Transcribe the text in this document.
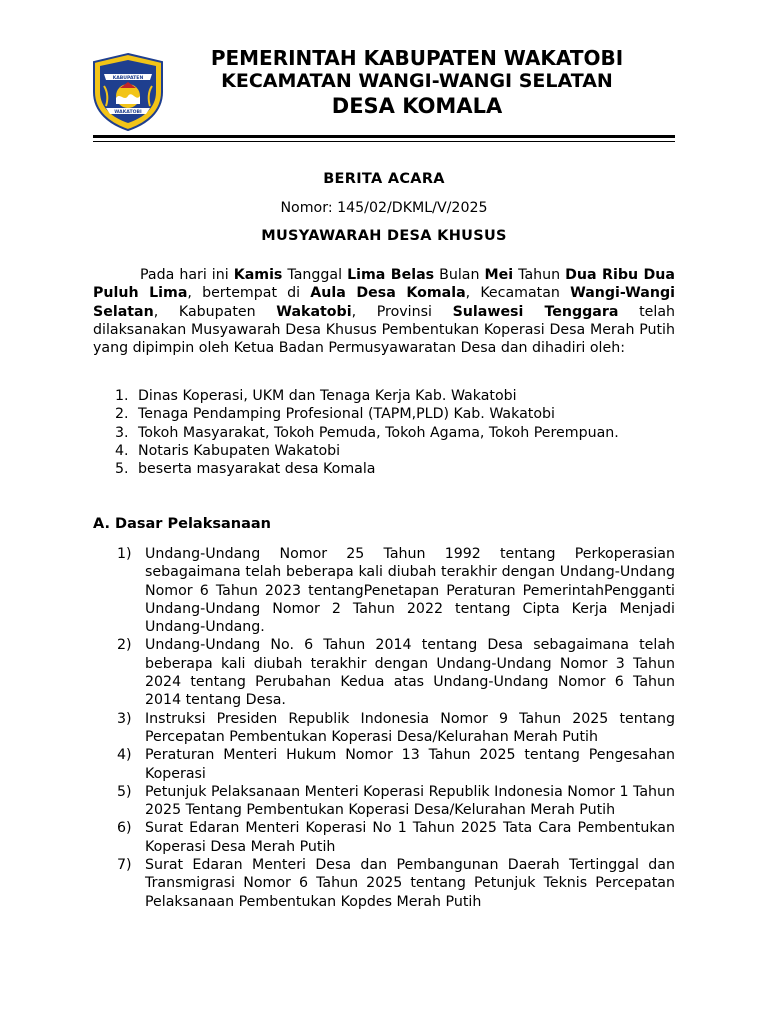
KABUPATEN
WAKATOBI
PEMERINTAH KABUPATEN WAKATOBI
KECAMATAN WANGI-WANGI SELATAN
DESA KOMALA
BERITA ACARA
Nomor: 145/02/DKML/V/2025
MUSYAWARAH DESA KHUSUS

Pada hari ini Kamis Tanggal Lima Belas Bulan Mei Tahun Dua Ribu Dua Puluh Lima, bertempat di Aula Desa Komala, Kecamatan Wangi-Wangi Selatan, Kabupaten Wakatobi, Provinsi Sulawesi Tenggara telah dilaksanakan Musyawarah Desa Khusus Pembentukan Koperasi Desa Merah Putih yang dipimpin oleh Ketua Badan Permusyawaratan Desa dan dihadiri oleh:

1. Dinas Koperasi, UKM dan Tenaga Kerja Kab. Wakatobi
2. Tenaga Pendamping Profesional (TAPM,PLD) Kab. Wakatobi
3. Tokoh Masyarakat, Tokoh Pemuda, Tokoh Agama, Tokoh Perempuan.
4. Notaris Kabupaten Wakatobi
5. beserta masyarakat desa Komala

A. Dasar Pelaksanaan

1) Undang-Undang Nomor 25 Tahun 1992 tentang Perkoperasian sebagaimana telah beberapa kali diubah terakhir dengan Undang-Undang Nomor 6 Tahun 2023 tentangPenetapan Peraturan PemerintahPengganti Undang-Undang Nomor 2 Tahun 2022 tentang Cipta Kerja Menjadi Undang-Undang.
2) Undang-Undang No. 6 Tahun 2014 tentang Desa sebagaimana telah beberapa kali diubah terakhir dengan Undang-Undang Nomor 3 Tahun 2024 tentang Perubahan Kedua atas Undang-Undang Nomor 6 Tahun 2014 tentang Desa.
3) Instruksi Presiden Republik Indonesia Nomor 9 Tahun 2025 tentang Percepatan Pembentukan Koperasi Desa/Kelurahan Merah Putih
4) Peraturan Menteri Hukum Nomor 13 Tahun 2025 tentang Pengesahan Koperasi
5) Petunjuk Pelaksanaan Menteri Koperasi Republik Indonesia Nomor 1 Tahun 2025 Tentang Pembentukan Koperasi Desa/Kelurahan Merah Putih
6) Surat Edaran Menteri Koperasi No 1 Tahun 2025 Tata Cara Pembentukan Koperasi Desa Merah Putih
7) Surat Edaran Menteri Desa dan Pembangunan Daerah Tertinggal dan Transmigrasi Nomor 6 Tahun 2025 tentang Petunjuk Teknis Percepatan Pelaksanaan Pembentukan Kopdes Merah Putih
